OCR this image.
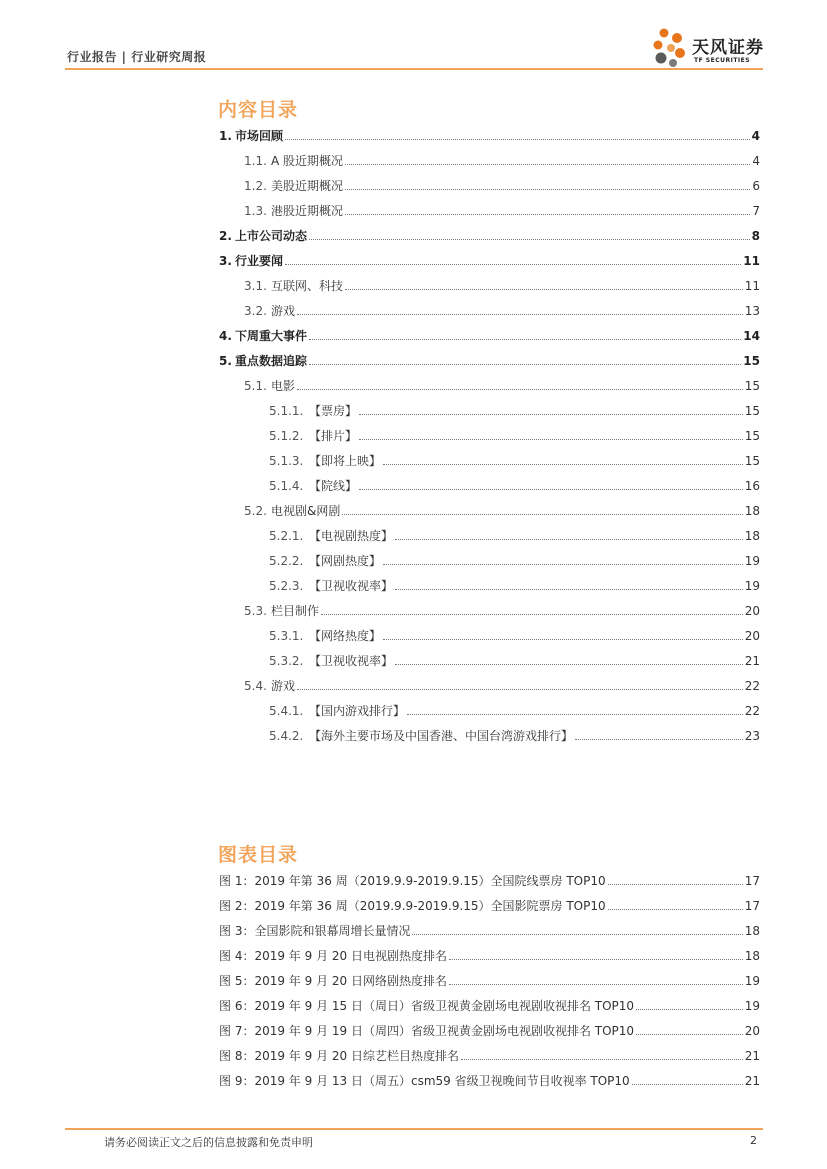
行业报告 | 行业研究周报	天风证券
TF SECURITIES
内容目录
1. 市场回顾	4
1.1. A 股近期概况	4
1.2. 美股近期概况	6
1.3. 港股近期概况	7
2. 上市公司动态	8
3. 行业要闻	11
3.1. 互联网、科技	11
3.2. 游戏	13
4. 下周重大事件	14
5. 重点数据追踪	15
5.1. 电影	15
5.1.1. 【票房】	15
5.1.2. 【排片】	15
5.1.3. 【即将上映】	15
5.1.4. 【院线】	16
5.2. 电视剧&网剧	18
5.2.1. 【电视剧热度】	18
5.2.2. 【网剧热度】	19
5.2.3. 【卫视收视率】	19
5.3. 栏目制作	20
5.3.1. 【网络热度】	20
5.3.2. 【卫视收视率】	21
5.4. 游戏	22
5.4.1. 【国内游戏排行】	22
5.4.2. 【海外主要市场及中国香港、中国台湾游戏排行】	23
图表目录
图 1：2019 年第 36 周（2019.9.9-2019.9.15）全国院线票房 TOP10	17
图 2：2019 年第 36 周（2019.9.9-2019.9.15）全国影院票房 TOP10	17
图 3：全国影院和银幕周增长量情况	18
图 4：2019 年 9 月 20 日电视剧热度排名	18
图 5：2019 年 9 月 20 日网络剧热度排名	19
图 6：2019 年 9 月 15 日（周日）省级卫视黄金剧场电视剧收视排名 TOP10	19
图 7：2019 年 9 月 19 日（周四）省级卫视黄金剧场电视剧收视排名 TOP10	20
图 8：2019 年 9 月 20 日综艺栏目热度排名	21
图 9：2019 年 9 月 13 日（周五）csm59 省级卫视晚间节目收视率 TOP10	21
请务必阅读正文之后的信息披露和免责申明	2
